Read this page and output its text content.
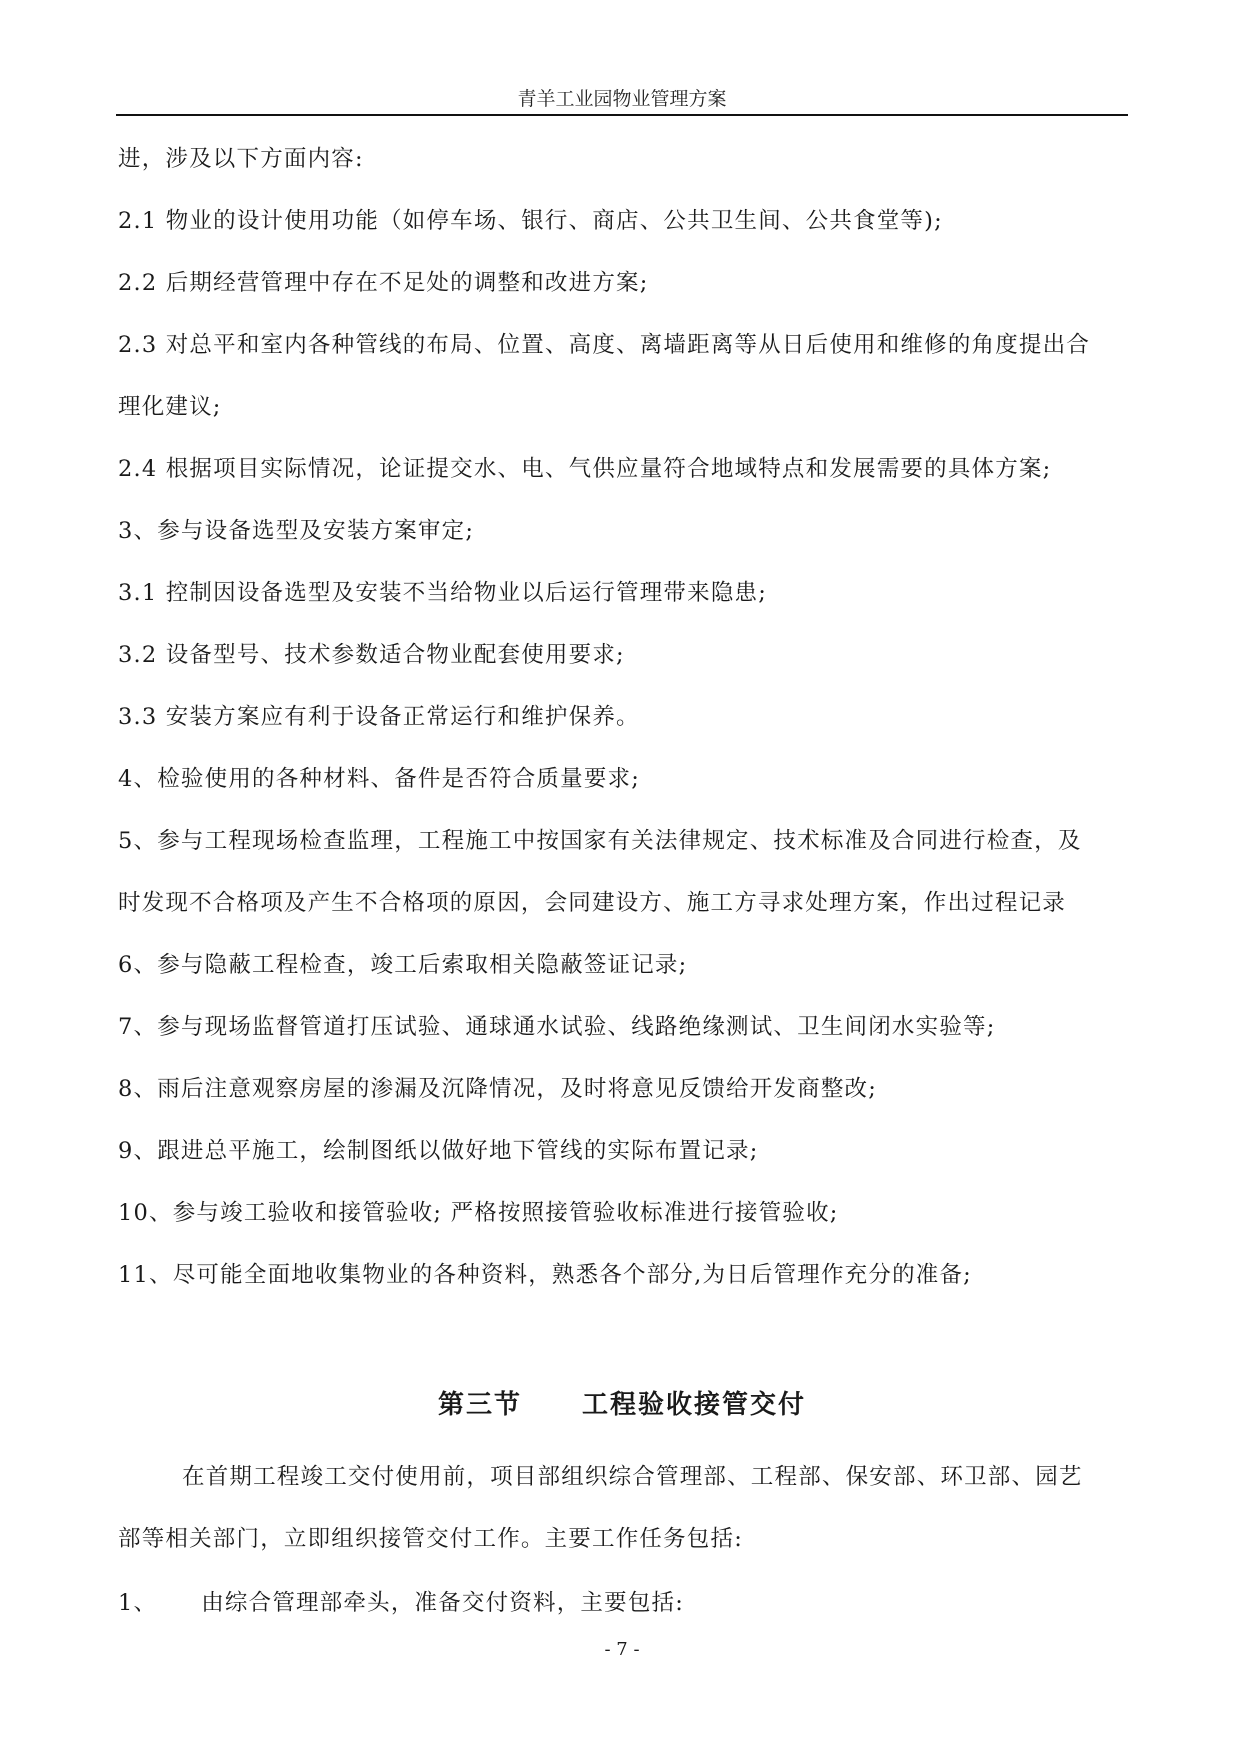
青羊工业园物业管理方案
进，涉及以下方面内容:
2.1 物业的设计使用功能（如停车场、银行、商店、公共卫生间、公共食堂等);
2.2 后期经营管理中存在不足处的调整和改进方案;
2.3 对总平和室内各种管线的布局、位置、高度、离墙距离等从日后使用和维修的角度提出合
理化建议;
2.4 根据项目实际情况，论证提交水、电、气供应量符合地域特点和发展需要的具体方案;
3、参与设备选型及安装方案审定;
3.1 控制因设备选型及安装不当给物业以后运行管理带来隐患;
3.2 设备型号、技术参数适合物业配套使用要求;
3.3 安装方案应有利于设备正常运行和维护保养。
4、检验使用的各种材料、备件是否符合质量要求;
5、参与工程现场检查监理，工程施工中按国家有关法律规定、技术标准及合同进行检查，及
时发现不合格项及产生不合格项的原因，会同建设方、施工方寻求处理方案，作出过程记录
6、参与隐蔽工程检查，竣工后索取相关隐蔽签证记录;
7、参与现场监督管道打压试验、通球通水试验、线路绝缘测试、卫生间闭水实验等;
8、雨后注意观察房屋的渗漏及沉降情况，及时将意见反馈给开发商整改;
9、跟进总平施工，绘制图纸以做好地下管线的实际布置记录;
10、参与竣工验收和接管验收; 严格按照接管验收标准进行接管验收;
11、尽可能全面地收集物业的各种资料，熟悉各个部分,为日后管理作充分的准备;
第三节 工程验收接管交付
在首期工程竣工交付使用前，项目部组织综合管理部、工程部、保安部、环卫部、园艺
部等相关部门，立即组织接管交付工作。主要工作任务包括:
1、 由综合管理部牵头，准备交付资料，主要包括:
- 7 -
